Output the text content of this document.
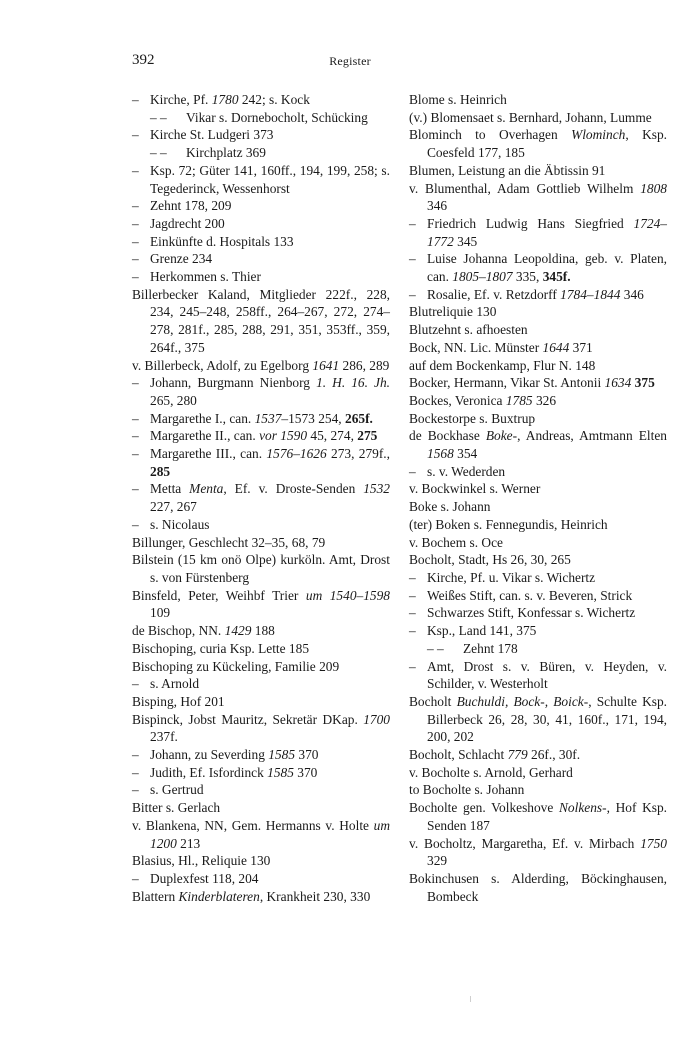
392	Register

– Kirche, Pf. 1780 242; s. Kock

– – Vikar s. Dornebocholt, Schücking

– Kirche St. Ludgeri 373

– – Kirchplatz 369

– Ksp. 72; Güter 141, 160ff., 194, 199, 258; s. Tegederinck, Wessenhorst

– Zehnt 178, 209

– Jagdrecht 200

– Einkünfte d. Hospitals 133

– Grenze 234

– Herkommen s. Thier

Billerbecker Kaland, Mitglieder 222f., 228, 234, 245–248, 258ff., 264–267, 272, 274–278, 281f., 285, 288, 291, 351, 353ff., 359, 264f., 375

v. Billerbeck, Adolf, zu Egelborg 1641 286, 289

– Johann, Burgmann Nienborg 1. H. 16. Jh. 265, 280

– Margarethe I., can. 1537–1573 254, 265f.

– Margarethe II., can. vor 1590 45, 274, 275

– Margarethe III., can. 1576–1626 273, 279f., 285

– Metta Menta, Ef. v. Droste-Senden 1532 227, 267

– s. Nicolaus

Billunger, Geschlecht 32–35, 68, 79

Bilstein (15 km onö Olpe) kurköln. Amt, Drost s. von Fürstenberg

Binsfeld, Peter, Weihbf Trier um 1540–1598 109

de Bischop, NN. 1429 188

Bischoping, curia Ksp. Lette 185

Bischoping zu Kückeling, Familie 209

– s. Arnold

Bisping, Hof 201

Bispinck, Jobst Mauritz, Sekretär DKap. 1700 237f.

– Johann, zu Severding 1585 370

– Judith, Ef. Isfordinck 1585 370

– s. Gertrud

Bitter s. Gerlach

v. Blankena, NN, Gem. Hermanns v. Holte um 1200 213

Blasius, Hl., Reliquie 130

– Duplexfest 118, 204

Blattern Kinderblateren, Krankheit 230, 330

Blome s. Heinrich

(v.) Blomensaet s. Bernhard, Johann, Lumme

Blominch to Overhagen Wlominch, Ksp. Coesfeld 177, 185

Blumen, Leistung an die Äbtissin 91

v. Blumenthal, Adam Gottlieb Wilhelm 1808 346

– Friedrich Ludwig Hans Siegfried 1724–1772 345

– Luise Johanna Leopoldina, geb. v. Platen, can. 1805–1807 335, 345f.

– Rosalie, Ef. v. Retzdorff 1784–1844 346

Blutreliquie 130

Blutzehnt s. afhoesten

Bock, NN. Lic. Münster 1644 371

auf dem Bockenkamp, Flur N. 148

Bocker, Hermann, Vikar St. Antonii 1634 375

Bockes, Veronica 1785 326

Bockestorpe s. Buxtrup

de Bockhase Boke-, Andreas, Amtmann Elten 1568 354

– s. v. Wederden

v. Bockwinkel s. Werner

Boke s. Johann

(ter) Boken s. Fennegundis, Heinrich

v. Bochem s. Oce

Bocholt, Stadt, Hs 26, 30, 265

– Kirche, Pf. u. Vikar s. Wichertz

– Weißes Stift, can. s. v. Beveren, Strick

– Schwarzes Stift, Konfessar s. Wichertz

– Ksp., Land 141, 375

– – Zehnt 178

– Amt, Drost s. v. Büren, v. Heyden, v. Schilder, v. Westerholt

Bocholt Buchuldi, Bock-, Boick-, Schulte Ksp. Billerbeck 26, 28, 30, 41, 160f., 171, 194, 200, 202

Bocholt, Schlacht 779 26f., 30f.

v. Bocholte s. Arnold, Gerhard

to Bocholte s. Johann

Bocholte gen. Volkeshove Nolkens-, Hof Ksp. Senden 187

v. Bocholtz, Margaretha, Ef. v. Mirbach 1750 329

Bokinchusen s. Alderding, Böckinghausen, Bombeck
